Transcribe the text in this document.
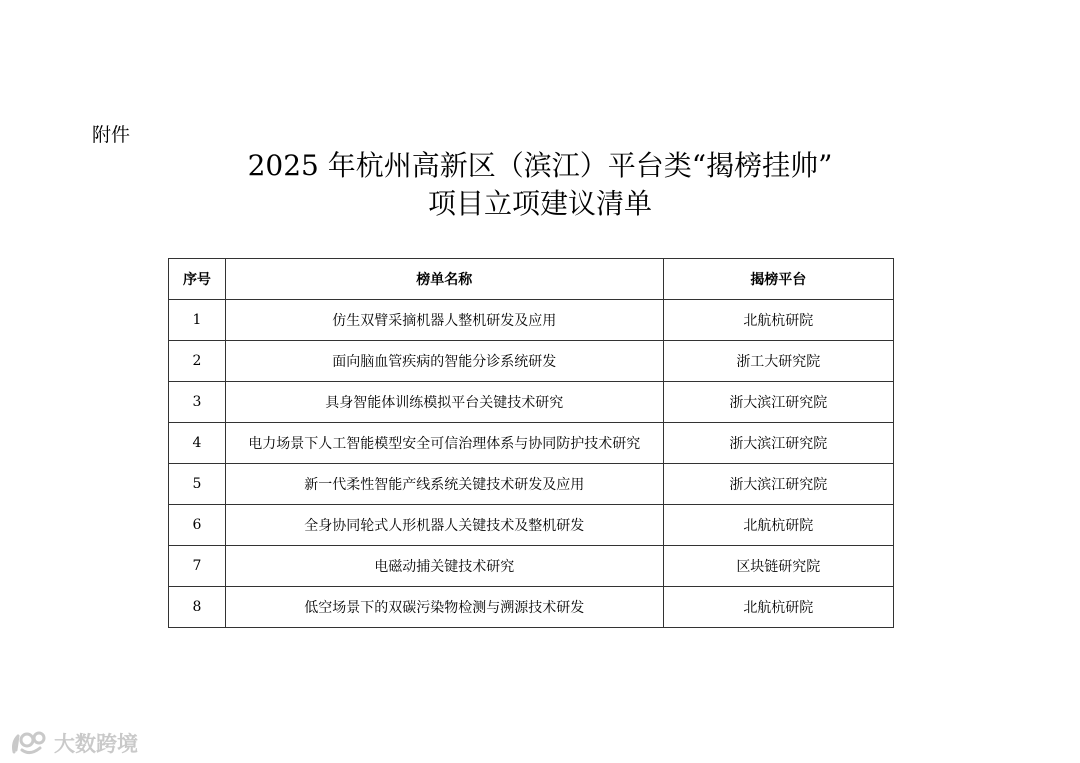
附件
2025 年杭州高新区（滨江）平台类“揭榜挂帅”
项目立项建议清单
序号	榜单名称	揭榜平台
1	仿生双臂采摘机器人整机研发及应用	北航杭研院
2	面向脑血管疾病的智能分诊系统研发	浙工大研究院
3	具身智能体训练模拟平台关键技术研究	浙大滨江研究院
4	电力场景下人工智能模型安全可信治理体系与协同防护技术研究	浙大滨江研究院
5	新一代柔性智能产线系统关键技术研发及应用	浙大滨江研究院
6	全身协同轮式人形机器人关键技术及整机研发	北航杭研院
7	电磁动捕关键技术研究	区块链研究院
8	低空场景下的双碳污染物检测与溯源技术研发	北航杭研院
大数跨境
